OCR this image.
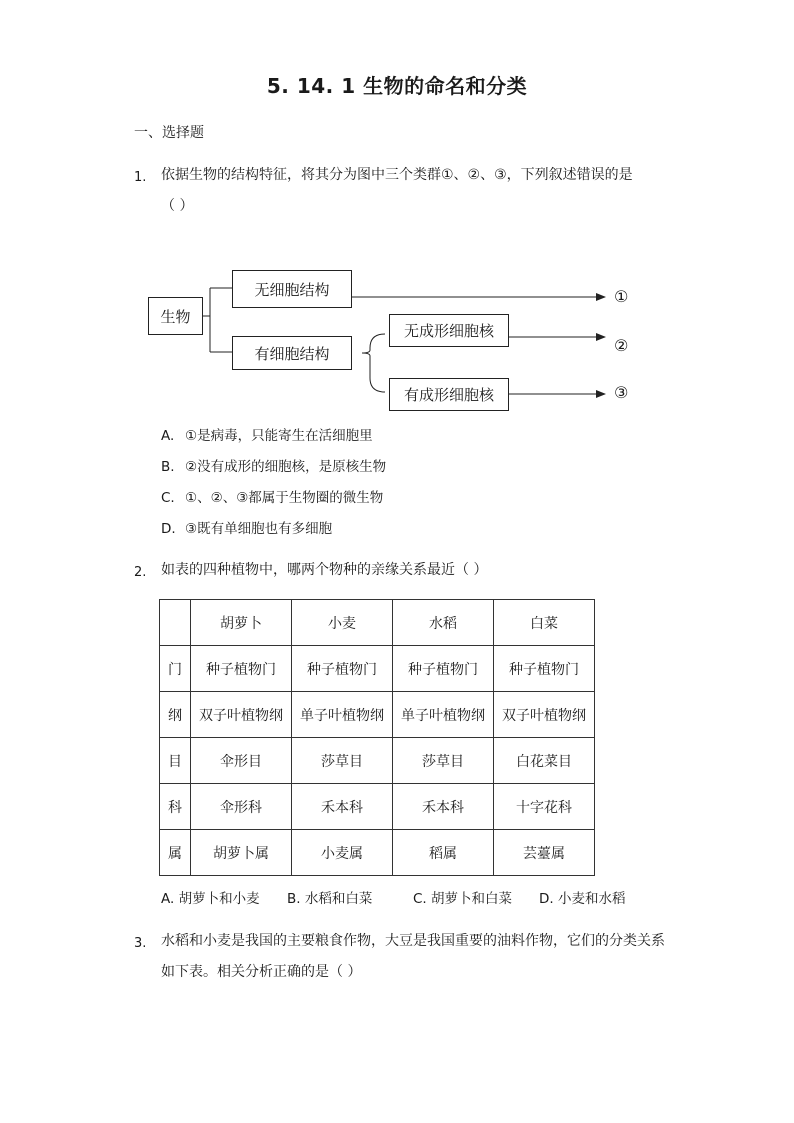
5. 14. 1 生物的命名和分类
一、选择题
1. 依据生物的结构特征，将其分为图中三个类群①、②、③，下列叙述错误的是
（ ）
生物
无细胞结构
有细胞结构
无成形细胞核
有成形细胞核
①
②
③
A. ①是病毒，只能寄生在活细胞里
B. ②没有成形的细胞核，是原核生物
C. ①、②、③都属于生物圈的微生物
D. ③既有单细胞也有多细胞
2. 如表的四种植物中，哪两个物种的亲缘关系最近（ ）
	胡萝卜	小麦	水稻	白菜
门	种子植物门	种子植物门	种子植物门	种子植物门
纲	双子叶植物纲	单子叶植物纲	单子叶植物纲	双子叶植物纲
目	伞形目	莎草目	莎草目	白花菜目
科	伞形科	禾本科	禾本科	十字花科
属	胡萝卜属	小麦属	稻属	芸薹属
A. 胡萝卜和小麦 B. 水稻和白菜	C. 胡萝卜和白菜 D. 小麦和水稻
3. 水稻和小麦是我国的主要粮食作物，大豆是我国重要的油料作物，它们的分类关系
如下表。相关分析正确的是（ ）
